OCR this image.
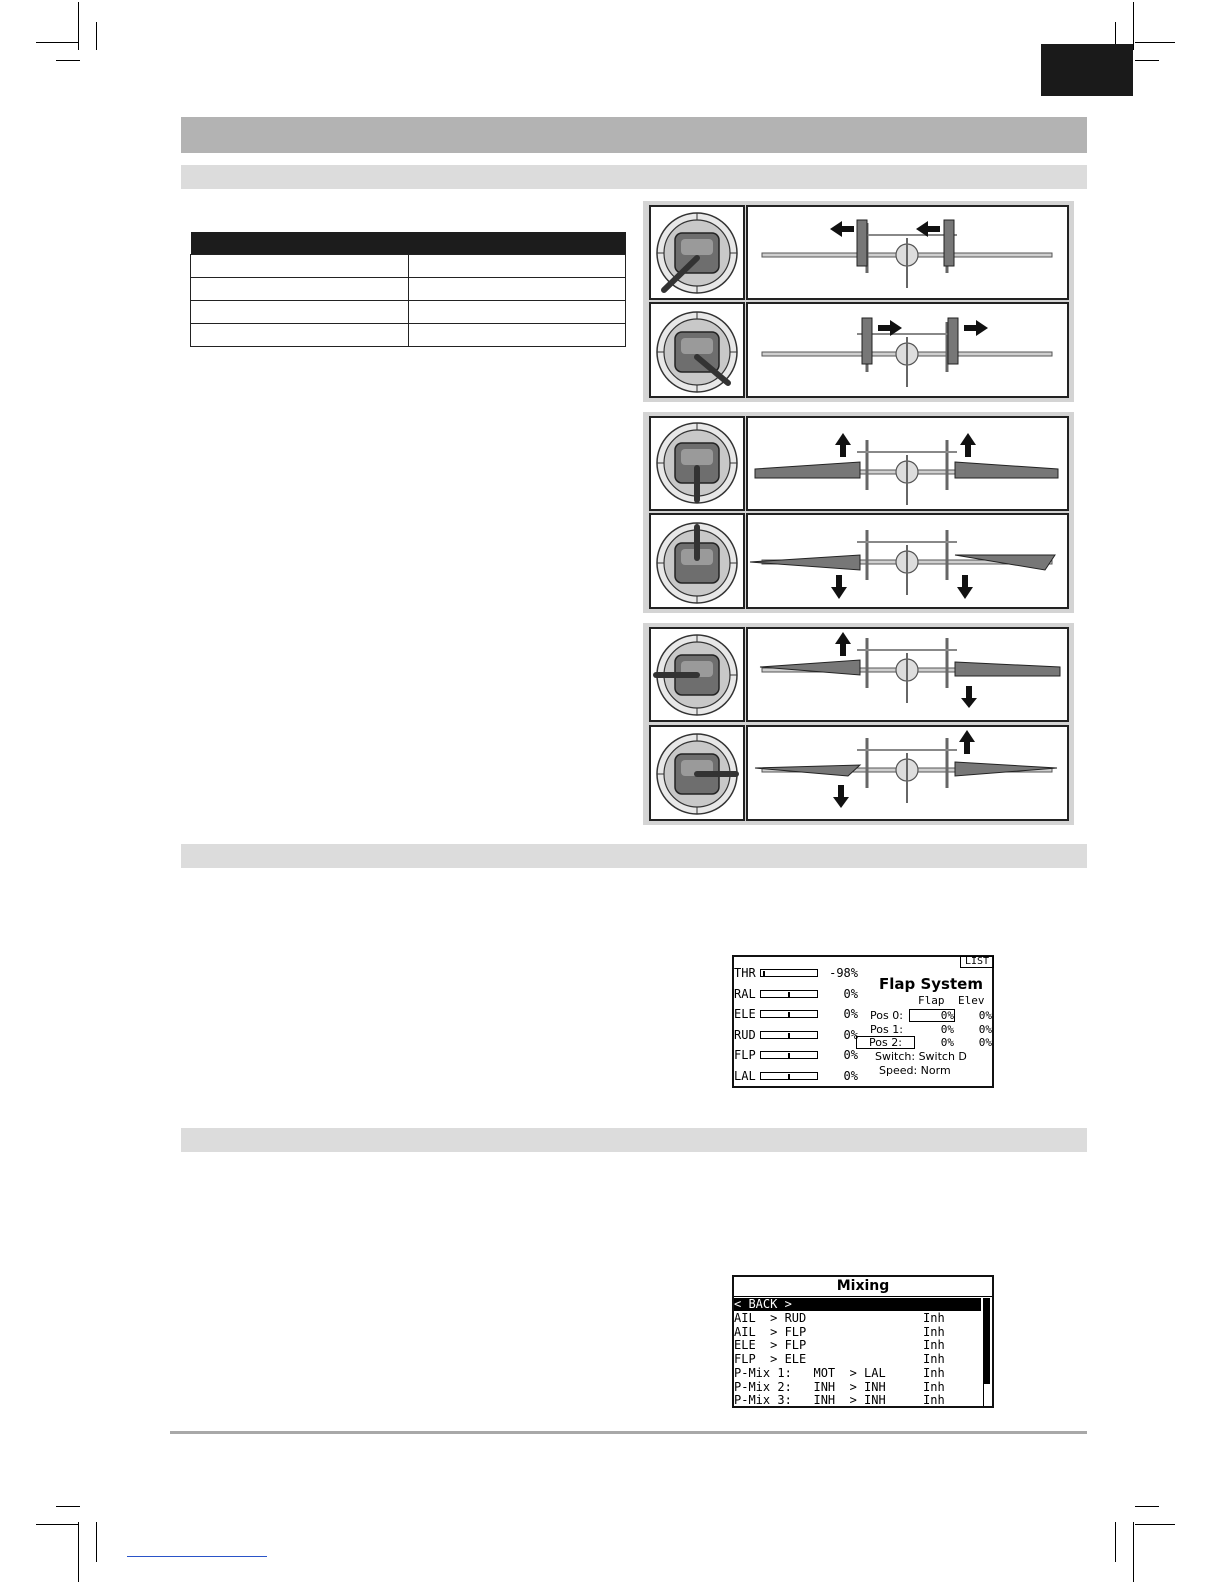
LIST
Flap System
Flap Elev
THR	-98%
RAL	0%
ELE	0%
RUD	0%
FLP	0%
LAL	0%
Pos 0:	0%	0%
Pos 1:	0%	0%
Pos 2:	0%	0%
Switch: Switch D
Speed: Norm
Mixing
< BACK >
AIL  > RUD	Inh
AIL  > FLP	Inh
ELE  > FLP	Inh
FLP  > ELE	Inh
P-Mix 1:   MOT  > LAL	Inh
P-Mix 2:   INH  > INH	Inh
P-Mix 3:   INH  > INH	Inh
